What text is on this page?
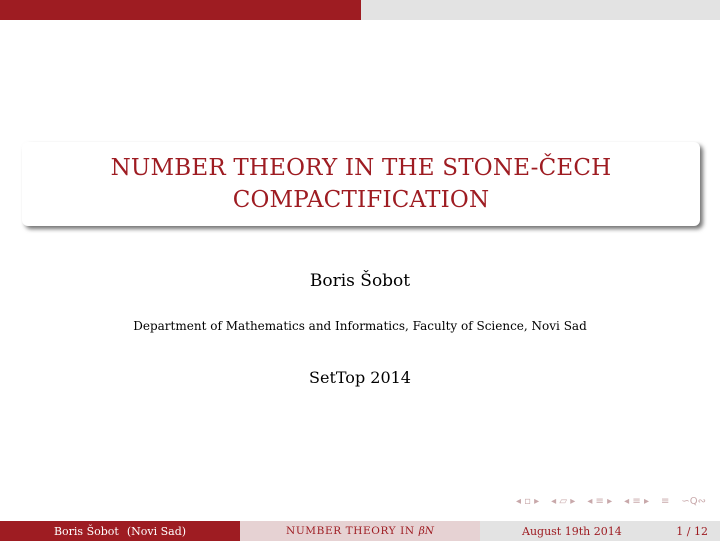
NUMBER THEORY IN THE STONE-ČECH
COMPACTIFICATION
Boris Šobot
Department of Mathematics and Informatics, Faculty of Science, Novi Sad
SetTop 2014
◂ ▫ ▸ ◂ ▱ ▸ ◂ ≡ ▸ ◂ ≡ ▸ ≡ ∽Q∾
Boris Šobot (Novi Sad)	NUMBER THEORY IN βN	August 19th 2014	1 / 12
